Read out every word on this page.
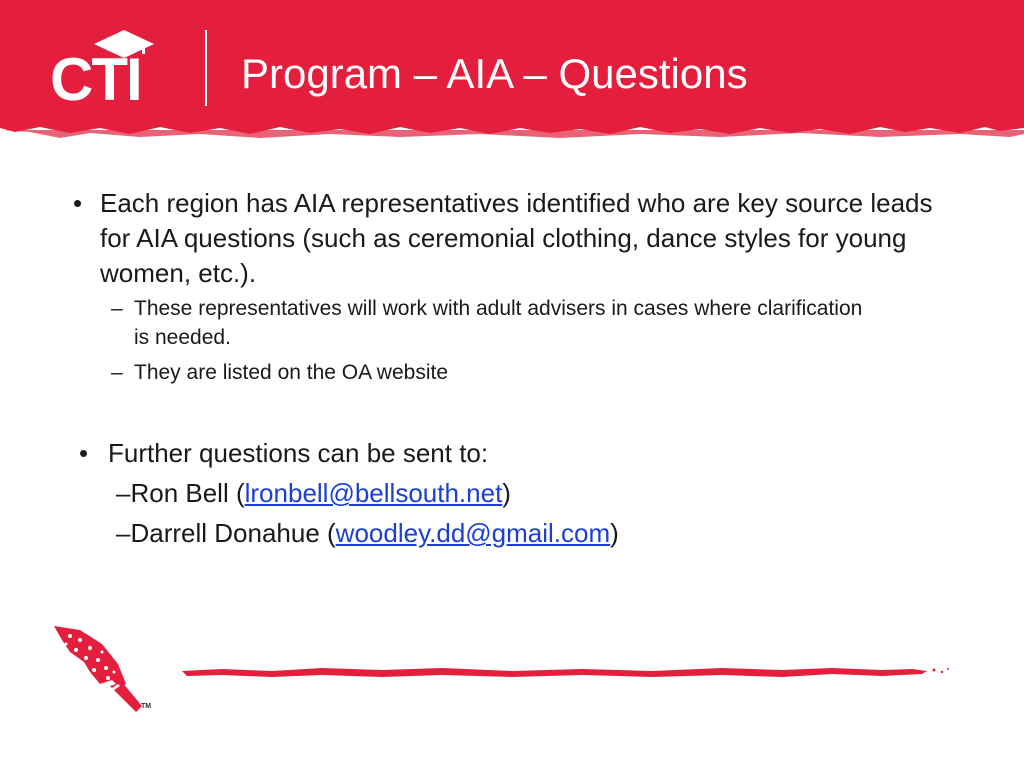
CTI	Program – AIA – Questions
• Each region has AIA representatives identified who are key source leads for AIA questions (such as ceremonial clothing, dance styles for young women, etc.).
– These representatives will work with adult advisers in cases where clarification is needed.
– They are listed on the OA website
• Further questions can be sent to:
–Ron Bell (lronbell@bellsouth.net)
–Darrell Donahue (woodley.dd@gmail.com)
TM
